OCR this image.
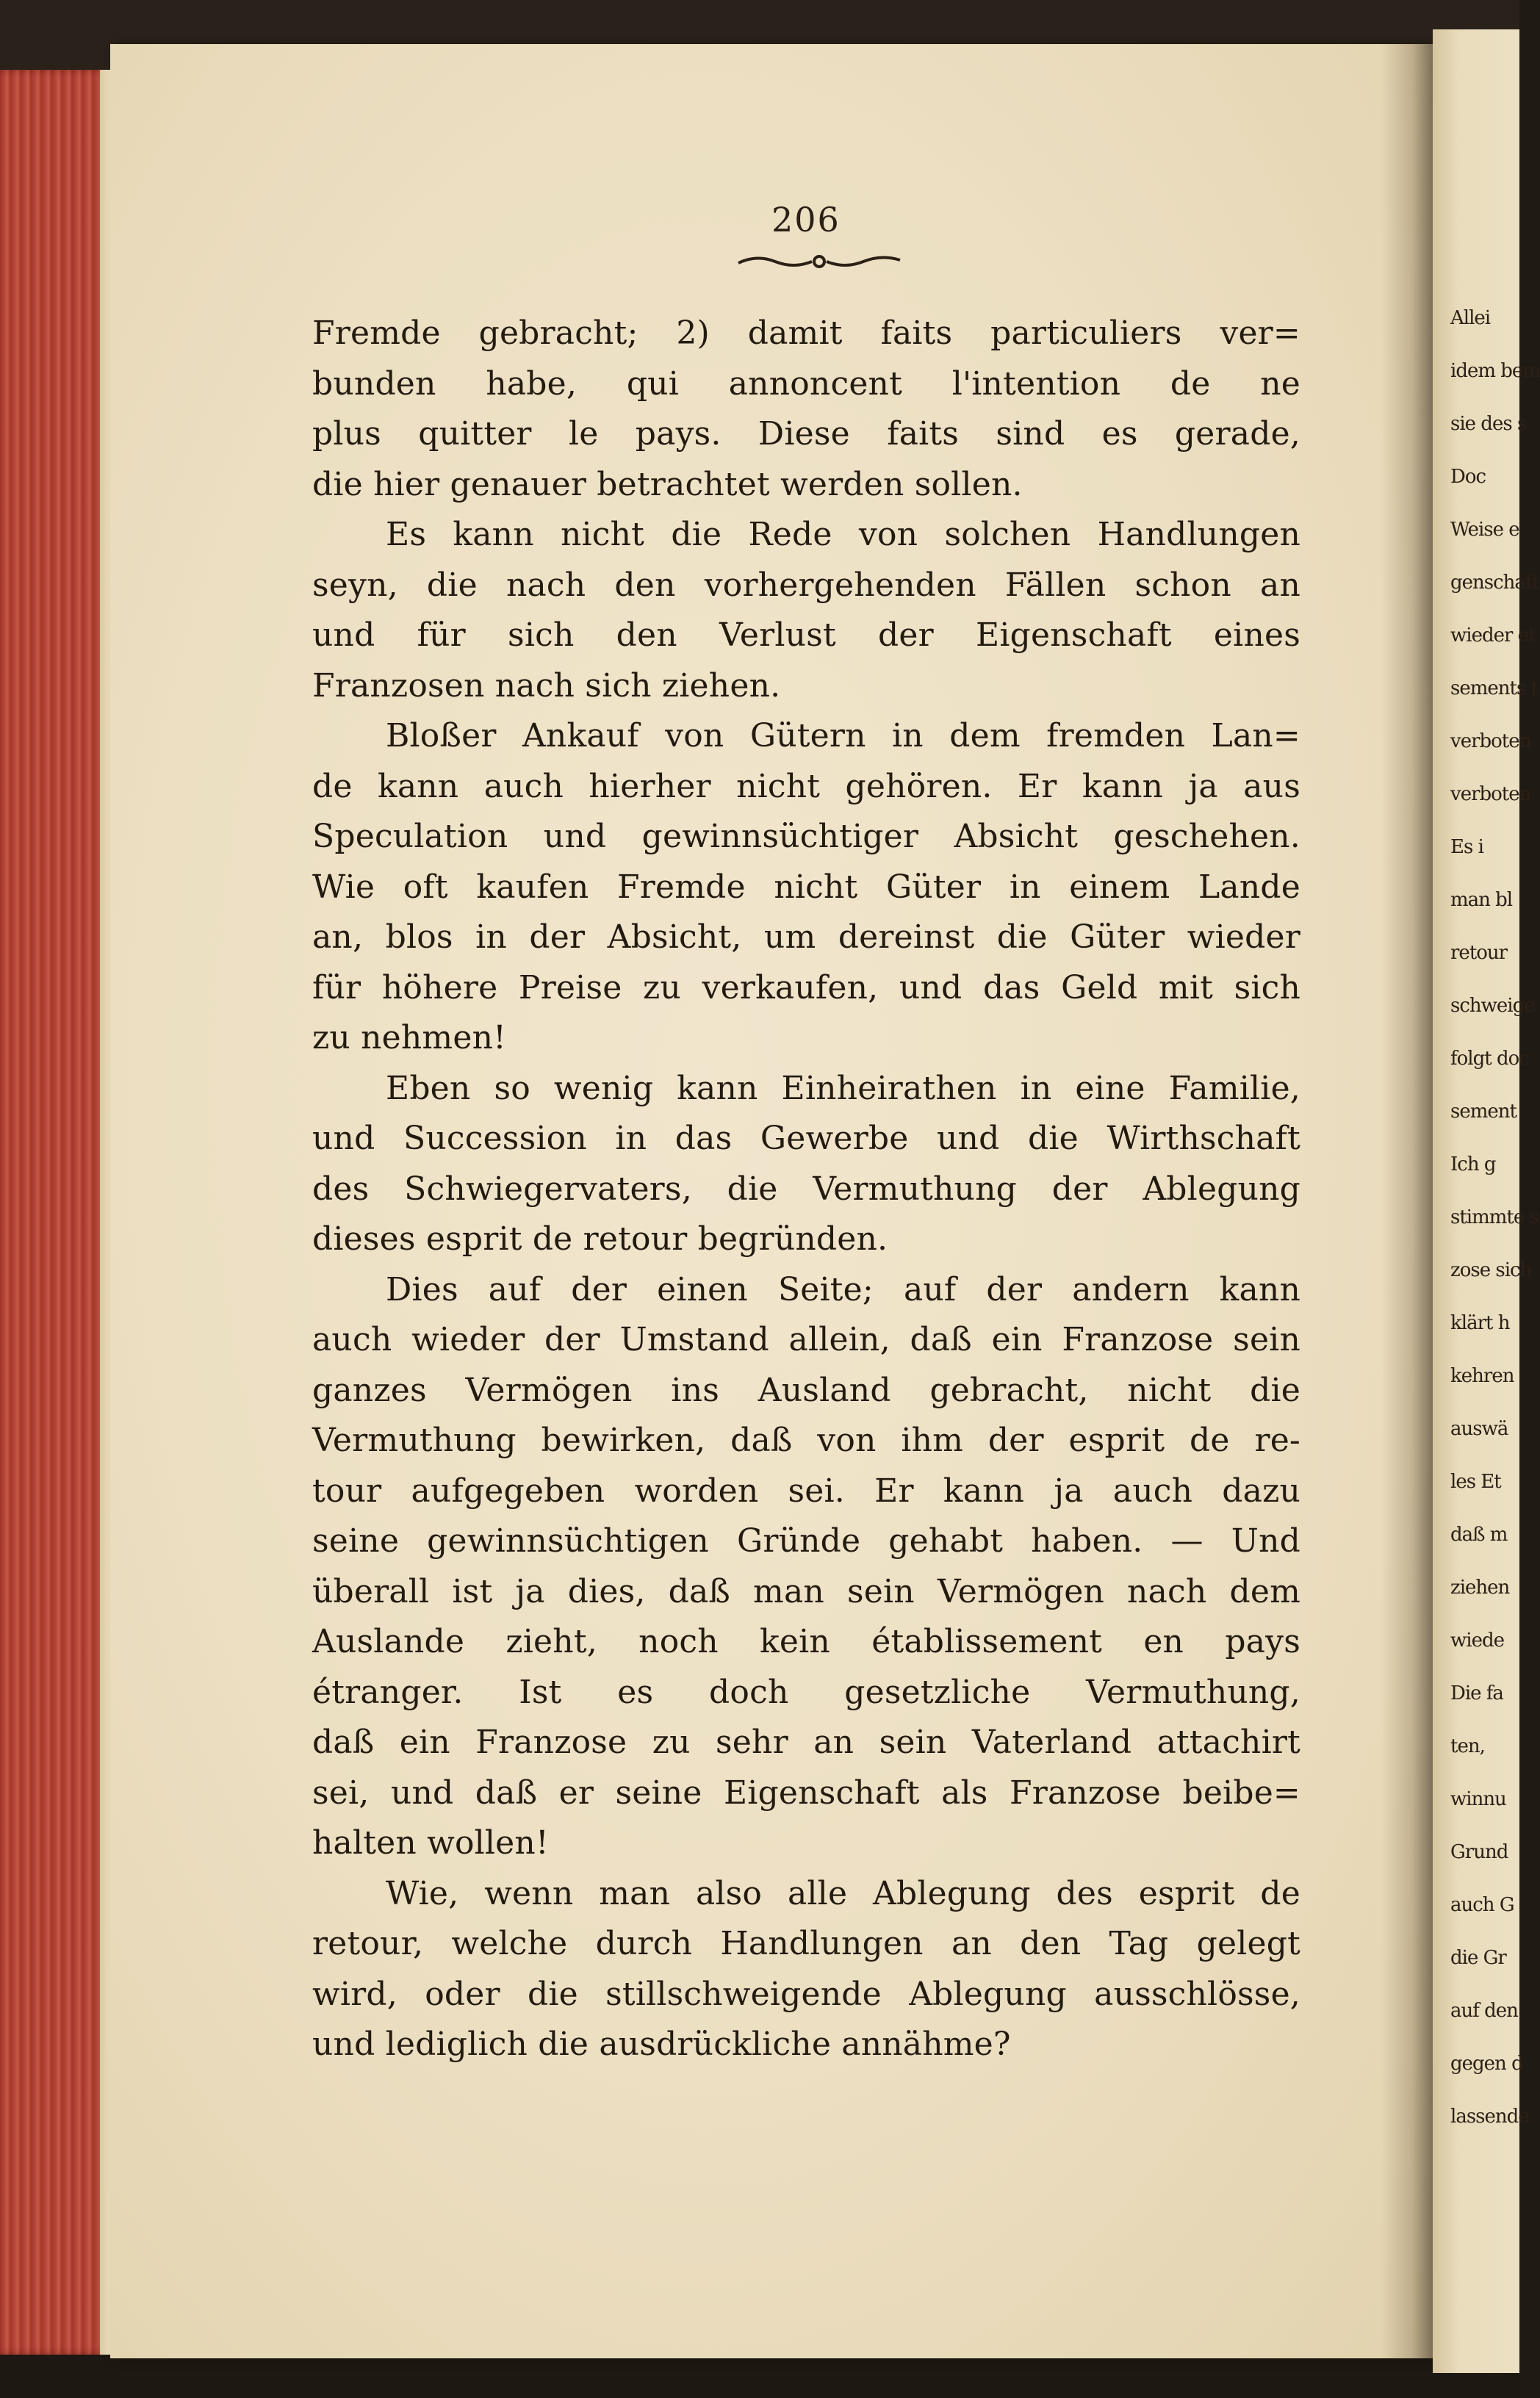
Allei
idem bem
sie des s
Doc
Weise e
genschaft
wieder et
sements t
verboten
verboten
Es i
man bl
retour
schweige
folgt doc
sement
Ich g
stimmte s
zose sich
klärt h
kehren
auswä
les Et
daß m
ziehen
wiede
Die fa
ten,
winnu
Grund
auch G
die Gr
auf den
gegen d
lassende
206
Fremde gebracht; 2) damit faits particuliers ver=
bunden habe, qui annoncent l'intention de ne
plus quitter le pays. Diese faits sind es gerade,
die hier genauer betrachtet werden sollen.
Es kann nicht die Rede von solchen Handlungen
seyn, die nach den vorhergehenden Fällen schon an
und für sich den Verlust der Eigenschaft eines
Franzosen nach sich ziehen.
Bloßer Ankauf von Gütern in dem fremden Lan=
de kann auch hierher nicht gehören. Er kann ja aus
Speculation und gewinnsüchtiger Absicht geschehen.
Wie oft kaufen Fremde nicht Güter in einem Lande
an, blos in der Absicht, um dereinst die Güter wieder
für höhere Preise zu verkaufen, und das Geld mit sich
zu nehmen!
Eben so wenig kann Einheirathen in eine Familie,
und Succession in das Gewerbe und die Wirthschaft
des Schwiegervaters, die Vermuthung der Ablegung
dieses esprit de retour begründen.
Dies auf der einen Seite; auf der andern kann
auch wieder der Umstand allein, daß ein Franzose sein
ganzes Vermögen ins Ausland gebracht, nicht die
Vermuthung bewirken, daß von ihm der esprit de re-
tour aufgegeben worden sei. Er kann ja auch dazu
seine gewinnsüchtigen Gründe gehabt haben. — Und
überall ist ja dies, daß man sein Vermögen nach dem
Auslande zieht, noch kein établissement en pays
étranger. Ist es doch gesetzliche Vermuthung,
daß ein Franzose zu sehr an sein Vaterland attachirt
sei, und daß er seine Eigenschaft als Franzose beibe=
halten wollen!
Wie, wenn man also alle Ablegung des esprit de
retour, welche durch Handlungen an den Tag gelegt
wird, oder die stillschweigende Ablegung ausschlösse,
und lediglich die ausdrückliche annähme?
